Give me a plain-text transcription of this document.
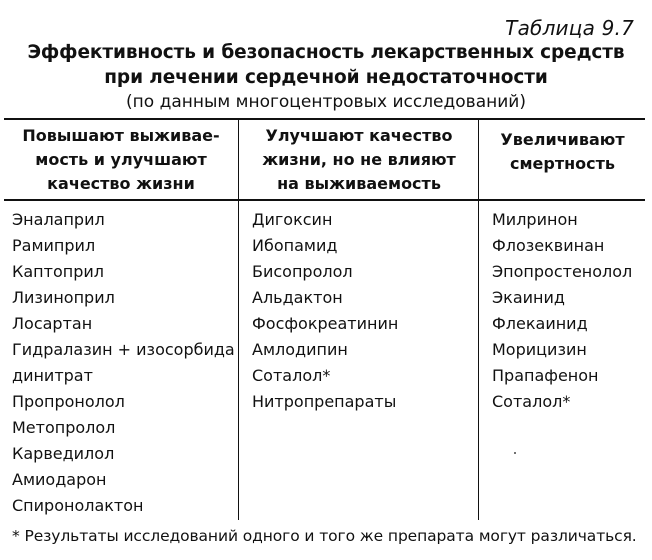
Таблица 9.7
Эффективность и безопасность лекарственных средств
при лечении сердечной недостаточности
(по данным многоцентровых исследований)
Повышают выживае-
мость и улучшают
качество жизни
Улучшают качество
жизни, но не влияют
на выживаемость
Увеличивают
смертность
Эналаприл
Рамиприл
Каптоприл
Лизиноприл
Лосартан
Гидралазин + изосорбида
динитрат
Пропронолол
Метопролол
Карведилол
Амиодарон
Спиронолактон
Дигоксин
Ибопамид
Бисопролол
Альдактон
Фосфокреатинин
Амлодипин
Соталол*
Нитропрепараты
Милринон
Флозеквинан
Эпопростенолол
Экаинид
Флекаинид
Морицизин
Прапафенон
Соталол*
* Результаты исследований одного и того же препарата могут различаться.
